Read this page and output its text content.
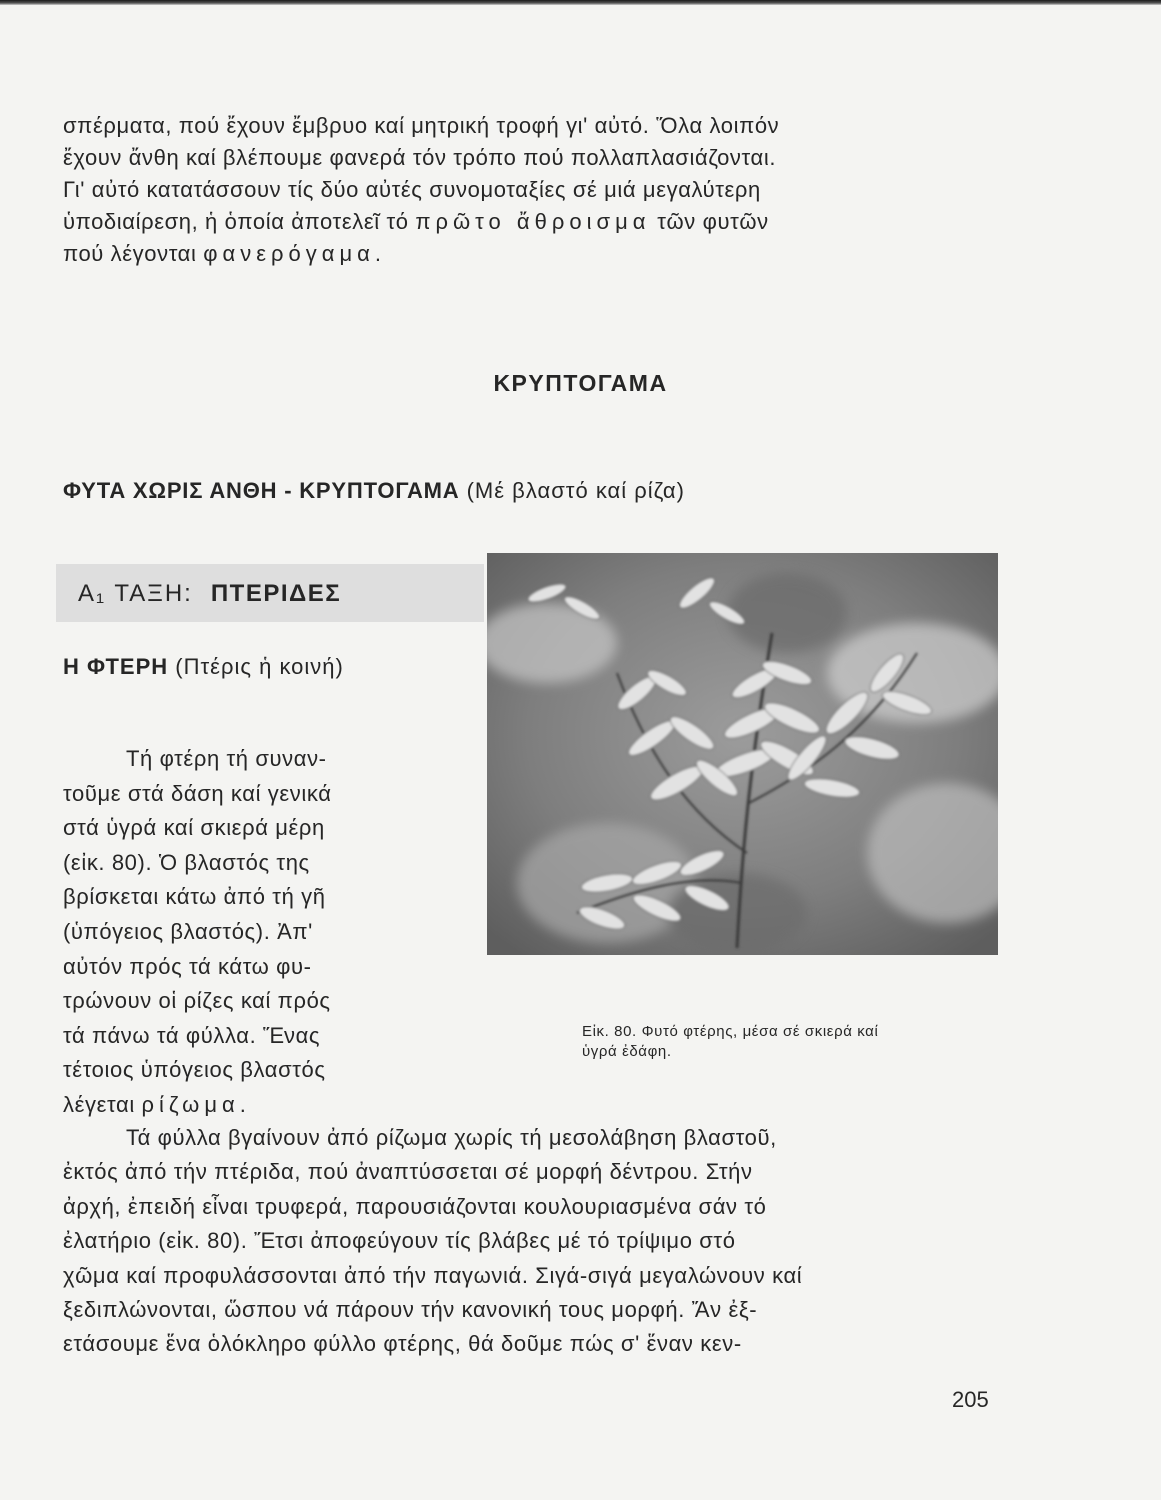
σπέρματα, πού ἔχουν ἔμβρυο καί μητρική τροφή γι' αὐτό. Ὅλα λοιπόν
ἔχουν ἄνθη καί βλέπουμε φανερά τόν τρόπο πού πολλαπλασιάζονται.
Γι' αὐτό κατατάσσουν τίς δύο αὐτές συνομοταξίες σέ μιά μεγαλύτερη
ὑποδιαίρεση, ἡ ὁποία ἀποτελεῖ τό πρῶτο ἄθροισμα τῶν φυτῶν
πού λέγονται φανερόγαμα.
ΚΡΥΠΤΟΓΑΜΑ

ΦΥΤΑ ΧΩΡΙΣ ΑΝΘΗ - ΚΡΥΠΤΟΓΑΜΑ (Μέ βλαστό καί ρίζα)

Α₁ ΤΑΞΗ: ΠΤΕΡΙΔΕΣ

Η ΦΤΕΡΗ (Πτέρις ἡ κοινή)

Τή φτέρη τή συναν-
τοῦμε στά δάση καί γενικά
στά ὑγρά καί σκιερά μέρη
(εἰκ. 80). Ὁ βλαστός της
βρίσκεται κάτω ἀπό τή γῆ
(ὑπόγειος βλαστός). Ἀπ'
αὐτόν πρός τά κάτω φυ-
τρώνουν οἱ ρίζες καί πρός
τά πάνω τά φύλλα. Ἕνας
τέτοιος ὑπόγειος βλαστός
λέγεται ρίζωμα.

Εἰκ. 80. Φυτό φτέρης, μέσα σέ σκιερά καί
ὑγρά ἐδάφη.

Τά φύλλα βγαίνουν ἀπό ρίζωμα χωρίς τή μεσολάβηση βλαστοῦ,
ἐκτός ἀπό τήν πτέριδα, πού ἀναπτύσσεται σέ μορφή δέντρου. Στήν
ἀρχή, ἐπειδή εἶναι τρυφερά, παρουσιάζονται κουλουριασμένα σάν τό
ἐλατήριο (εἰκ. 80). Ἔτσι ἀποφεύγουν τίς βλάβες μέ τό τρίψιμο στό
χῶμα καί προφυλάσσονται ἀπό τήν παγωνιά. Σιγά-σιγά μεγαλώνουν καί
ξεδιπλώνονται, ὥσπου νά πάρουν τήν κανονική τους μορφή. Ἄν ἐξ-
ετάσουμε ἕνα ὁλόκληρο φύλλο φτέρης, θά δοῦμε πώς σ' ἕναν κεν-

205
